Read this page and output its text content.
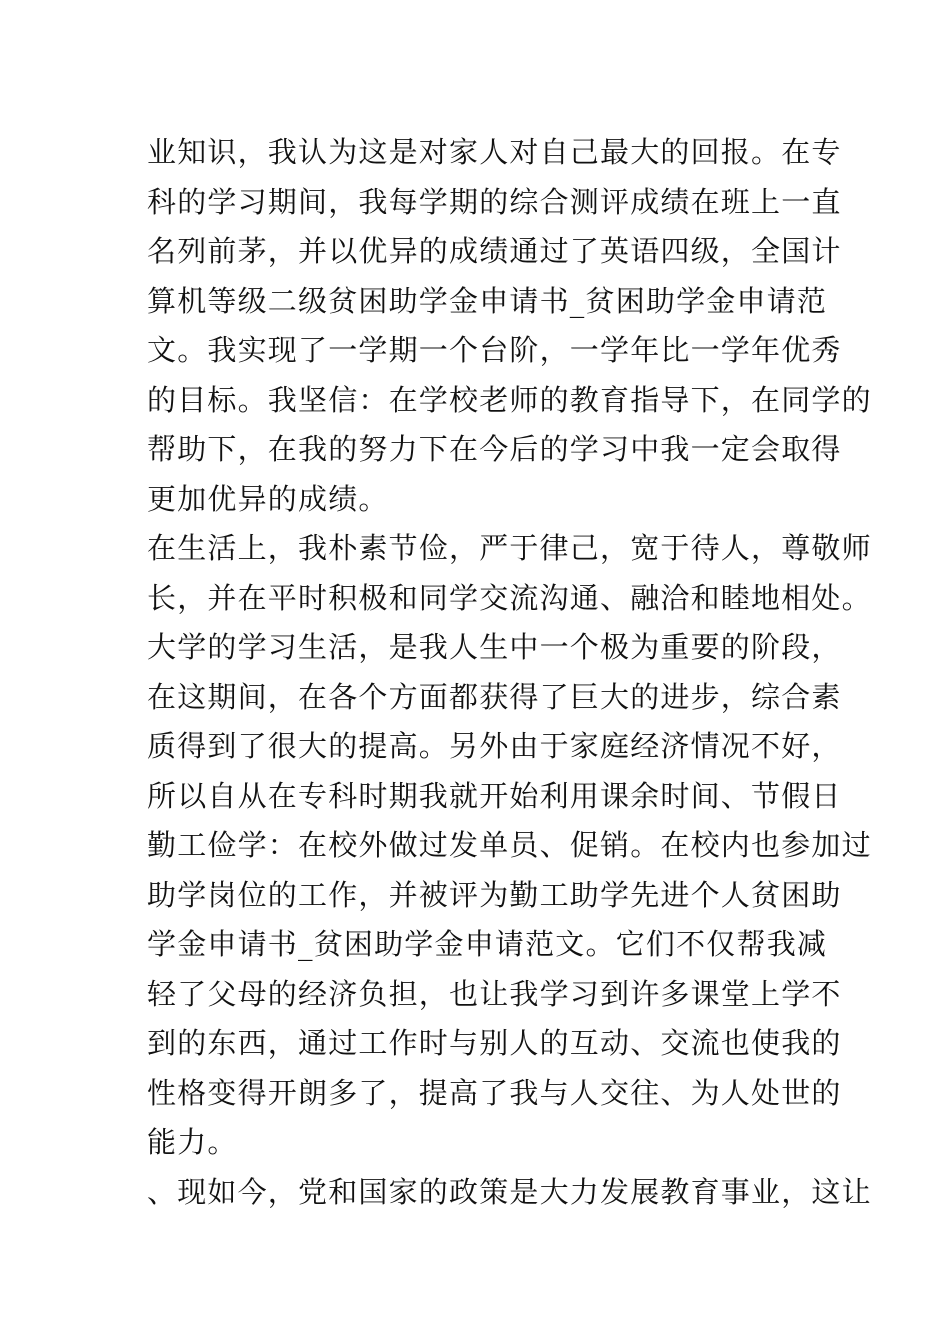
业知识，我认为这是对家人对自己最大的回报。在专
科的学习期间，我每学期的综合测评成绩在班上一直
名列前茅，并以优异的成绩通过了英语四级，全国计
算机等级二级贫困助学金申请书_贫困助学金申请范
文。我实现了一学期一个台阶，一学年比一学年优秀
的目标。我坚信：在学校老师的教育指导下，在同学的
帮助下，在我的努力下在今后的学习中我一定会取得
更加优异的成绩。
在生活上，我朴素节俭，严于律己，宽于待人，尊敬师
长，并在平时积极和同学交流沟通、融洽和睦地相处。
大学的学习生活，是我人生中一个极为重要的阶段，
在这期间，在各个方面都获得了巨大的进步，综合素
质得到了很大的提高。另外由于家庭经济情况不好，
所以自从在专科时期我就开始利用课余时间、节假日
勤工俭学：在校外做过发单员、促销。在校内也参加过
助学岗位的工作，并被评为勤工助学先进个人贫困助
学金申请书_贫困助学金申请范文。它们不仅帮我减
轻了父母的经济负担，也让我学习到许多课堂上学不
到的东西，通过工作时与别人的互动、交流也使我的
性格变得开朗多了，提高了我与人交往、为人处世的
能力。
、现如今，党和国家的政策是大力发展教育事业，这让
